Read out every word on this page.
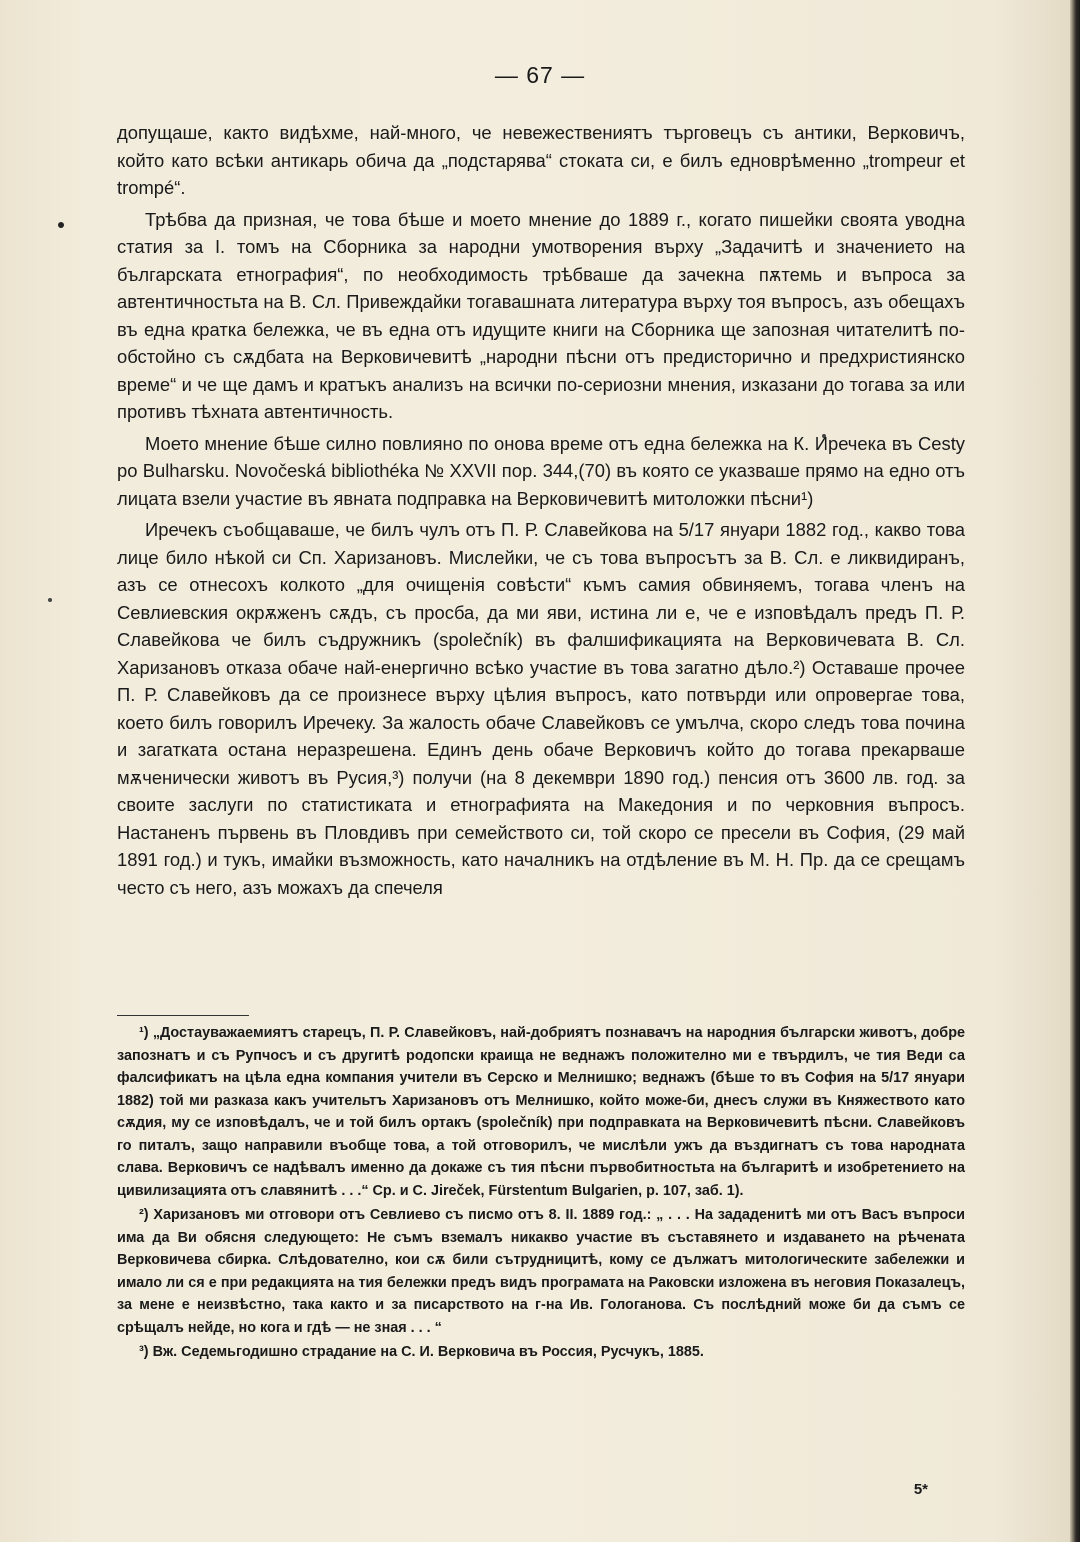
— 67 —

допущаше, както видѣхме, най-много, че невежествениятъ търговецъ съ антики, Верковичъ, който като всѣки антикарь обича да „подстарява“ стоката си, е билъ едноврѣменно „trompeur et trompé“.

Трѣбва да призная, че това бѣше и моето мнение до 1889 г., когато пишейки своята уводна статия за I. томъ на Сборника за народни умотворения върху „Задачитѣ и значението на българската етнография“, по необходимость трѣбваше да зачекна пѫтемь и въпроса за автентичностьта на В. Сл. Привеждайки тогавашната литература върху тоя въпросъ, азъ обещахъ въ една кратка бележка, че въ една отъ идущите книги на Сборника ще запозная читателитѣ по-обстойно съ сѫдбата на Верковичевитѣ „народни пѣсни отъ предисторично и предхристиянско време“ и че ще дамъ и кратъкъ анализъ на всички по-сериозни мнения, изказани до тогава за или противъ тѣхната автентичность.

Моето мнение бѣше силно повлияно по онова време отъ една бележка на К. Иречека въ Cesty po Bulharsku. Novočeská bibliothéka № XXVII пор. 344,(70) въ която се указваше прямо на едно отъ лицата взели участие въ явната подправка на Верковичевитѣ митоложки пѣсни¹)

Иречекъ съобщаваше, че билъ чулъ отъ П. Р. Славейкова на 5/17 януари 1882 год., какво това лице било нѣкой си Сп. Харизановъ. Мислейки, че съ това въпросътъ за В. Сл. е ликвидиранъ, азъ се отнесохъ колкото „для очищенія совѣсти“ къмъ самия обвиняемъ, тогава членъ на Севлиевския окрѫженъ сѫдъ, съ просба, да ми яви, истина ли е, че е изповѣдалъ предъ П. Р. Славейкова че билъ съдружникъ (společník) въ фалшификацията на Верковичевата В. Сл. Харизановъ отказа обаче най-енергично всѣко участие въ това загатно дѣло.²) Оставаше прочее П. Р. Славейковъ да се произнесе върху цѣлия въпросъ, като потвърди или опровергае това, което билъ говорилъ Иречеку. За жалость обаче Славейковъ се умълча, скоро следъ това почина и загатката остана неразрешена. Единъ день обаче Верковичъ който до тогава прекарваше мѫченически животъ въ Русия,³) получи (на 8 декември 1890 год.) пенсия отъ 3600 лв. год. за своите заслуги по статистиката и етнографията на Македония и по черковния въпросъ. Настаненъ първень въ Пловдивъ при семейството си, той скоро се пресели въ София, (29 май 1891 год.) и тукъ, имайки възможность, като началникъ на отдѣление въ М. Н. Пр. да се срещамъ често съ него, азъ можахъ да спечеля

¹) „Достауважаемиятъ старецъ, П. Р. Славейковъ, най-добриятъ познавачъ на народния български животъ, добре запознатъ и съ Рупчосъ и съ другитѣ родопски краища не веднажъ положително ми е твърдилъ, че тия Веди са фалсификатъ на цѣла една компания учители въ Серско и Мелнишко; веднажъ (бѣше то въ София на 5/17 януари 1882) той ми разказа какъ учительтъ Харизановъ отъ Мелнишко, който може-би, днесъ служи въ Княжеството като сѫдия, му се изповѣдалъ, че и той билъ ортакъ (společník) при подправката на Верковичевитѣ пѣсни. Славейковъ го питалъ, защо направили въобще това, а той отговорилъ, че мислѣли ужъ да въздигнатъ съ това народната слава. Верковичъ се надѣвалъ именно да докаже съ тия пѣсни първобитностьта на българитѣ и изобретението на цивилизацията отъ славянитѣ . . .“ Ср. и C. Jireček, Fürstentum Bulgarien, p. 107, заб. 1).

²) Харизановъ ми отговори отъ Севлиево съ писмо отъ 8. II. 1889 год.: „ . . . На зададенитѣ ми отъ Васъ въпроси има да Ви обясня следующето: Не съмъ вземалъ никакво участие въ съставянето и издаването на рѣчената Верковичева сбирка. Слѣдователно, кои сѫ били сътрудницитѣ, кому се дължатъ митологическите забележки и имало ли ся е при редакцията на тия бележки предъ видъ програмата на Раковски изложена въ неговия Показалецъ, за мене е неизвѣстно, така както и за писарството на г-на Ив. Гологанова. Съ послѣдний може би да съмъ се срѣщалъ нейде, но кога и гдѣ — не зная . . . “

³) Вж. Седемьгодишно страдание на С. И. Верковича въ Россия, Русчукъ, 1885.

5*
